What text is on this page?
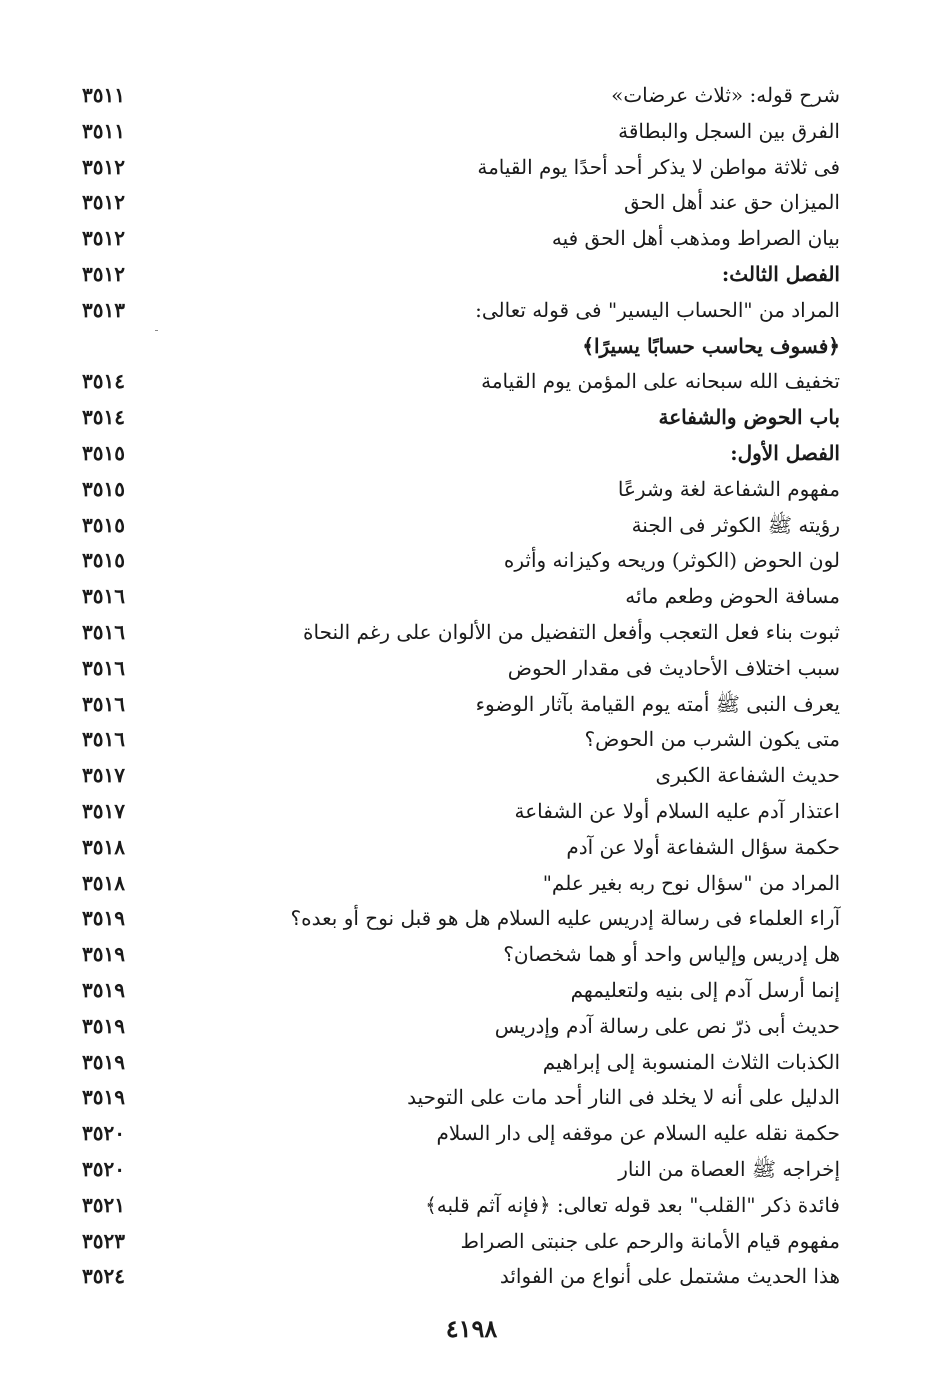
شرح قوله: «ثلاث عرضات»
٣٥١١
الفرق بين السجل والبطاقة
٣٥١١
فى ثلاثة مواطن لا يذكر أحد أحدًا يوم القيامة
٣٥١٢
الميزان حق عند أهل الحق
٣٥١٢
بيان الصراط ومذهب أهل الحق فيه
٣٥١٢
الفصل الثالث:
٣٥١٢
المراد من "الحساب اليسير" فى قوله تعالى:
٣٥١٣
﴿فسوف يحاسب حسابًا يسيرًا﴾
تخفيف الله سبحانه على المؤمن يوم القيامة
٣٥١٤
باب الحوض والشفاعة
٣٥١٤
الفصل الأول:
٣٥١٥
مفهوم الشفاعة لغة وشرعًا
٣٥١٥
رؤيته ﷺ الكوثر فى الجنة
٣٥١٥
لون الحوض (الكوثر) وريحه وكيزانه وأثره
٣٥١٥
مسافة الحوض وطعم مائه
٣٥١٦
ثبوت بناء فعل التعجب وأفعل التفضيل من الألوان على رغم النحاة
٣٥١٦
سبب اختلاف الأحاديث فى مقدار الحوض
٣٥١٦
يعرف النبى ﷺ أمته يوم القيامة بآثار الوضوء
٣٥١٦
متى يكون الشرب من الحوض؟
٣٥١٦
حديث الشفاعة الكبرى
٣٥١٧
اعتذار آدم عليه السلام أولا عن الشفاعة
٣٥١٧
حكمة سؤال الشفاعة أولا عن آدم
٣٥١٨
المراد من "سؤال نوح ربه بغير علم"
٣٥١٨
آراء العلماء فى رسالة إدريس عليه السلام هل هو قبل نوح أو بعده؟
٣٥١٩
هل إدريس وإلياس واحد أو هما شخصان؟
٣٥١٩
إنما أرسل آدم إلى بنيه ولتعليمهم
٣٥١٩
حديث أبى ذرّ نص على رسالة آدم وإدريس
٣٥١٩
الكذبات الثلاث المنسوبة إلى إبراهيم
٣٥١٩
الدليل على أنه لا يخلد فى النار أحد مات على التوحيد
٣٥١٩
حكمة نقله عليه السلام عن موقفه إلى دار السلام
٣٥٢٠
إخراجه ﷺ العصاة من النار
٣٥٢٠
فائدة ذكر "القلب" بعد قوله تعالى: ﴿فإنه آثم قلبه﴾
٣٥٢١
مفهوم قيام الأمانة والرحم على جنبتى الصراط
٣٥٢٣
هذا الحديث مشتمل على أنواع من الفوائد
٣٥٢٤
٤١٩٨
